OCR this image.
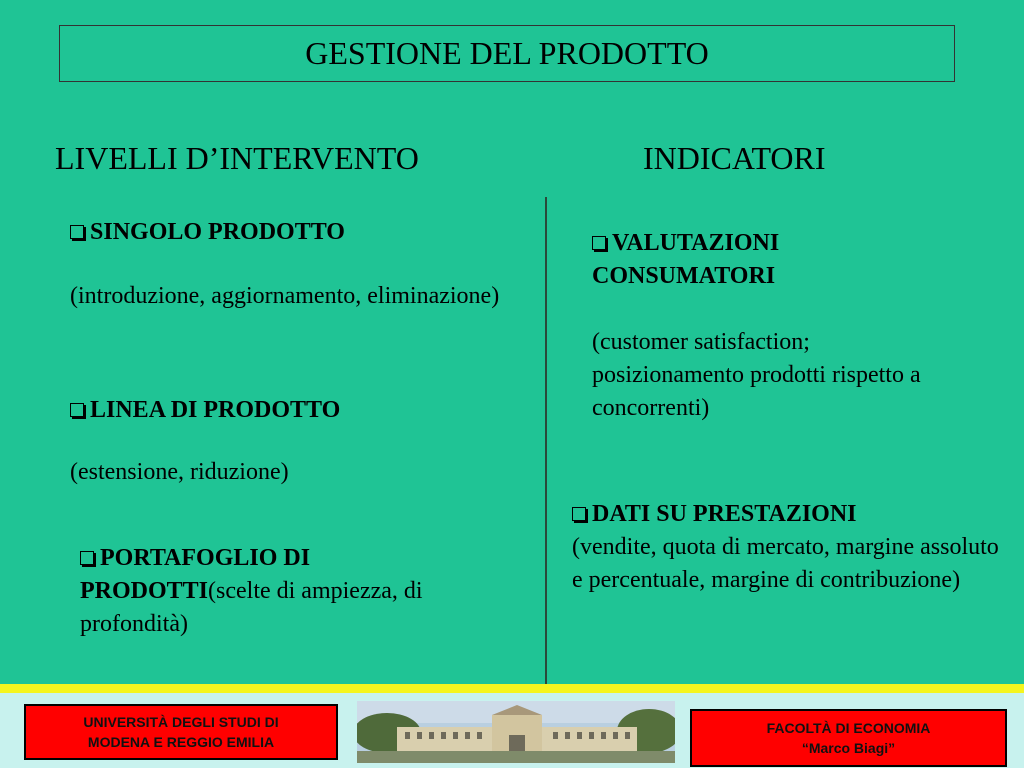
GESTIONE DEL PRODOTTO
LIVELLI D’INTERVENTO	INDICATORI
SINGOLO PRODOTTO
(introduzione, aggiornamento, eliminazione)
LINEA DI PRODOTTO
(estensione, riduzione)
PORTAFOGLIO DI PRODOTTI(scelte di ampiezza, di profondità)
VALUTAZIONI CONSUMATORI
(customer satisfaction; posizionamento prodotti rispetto a concorrenti)
DATI SU PRESTAZIONI
(vendite, quota di mercato, margine assoluto e percentuale, margine di contribuzione)
UNIVERSITÀ DEGLI STUDI DI
MODENA E REGGIO EMILIA
FACOLTÀ DI ECONOMIA
“Marco Biagi”
